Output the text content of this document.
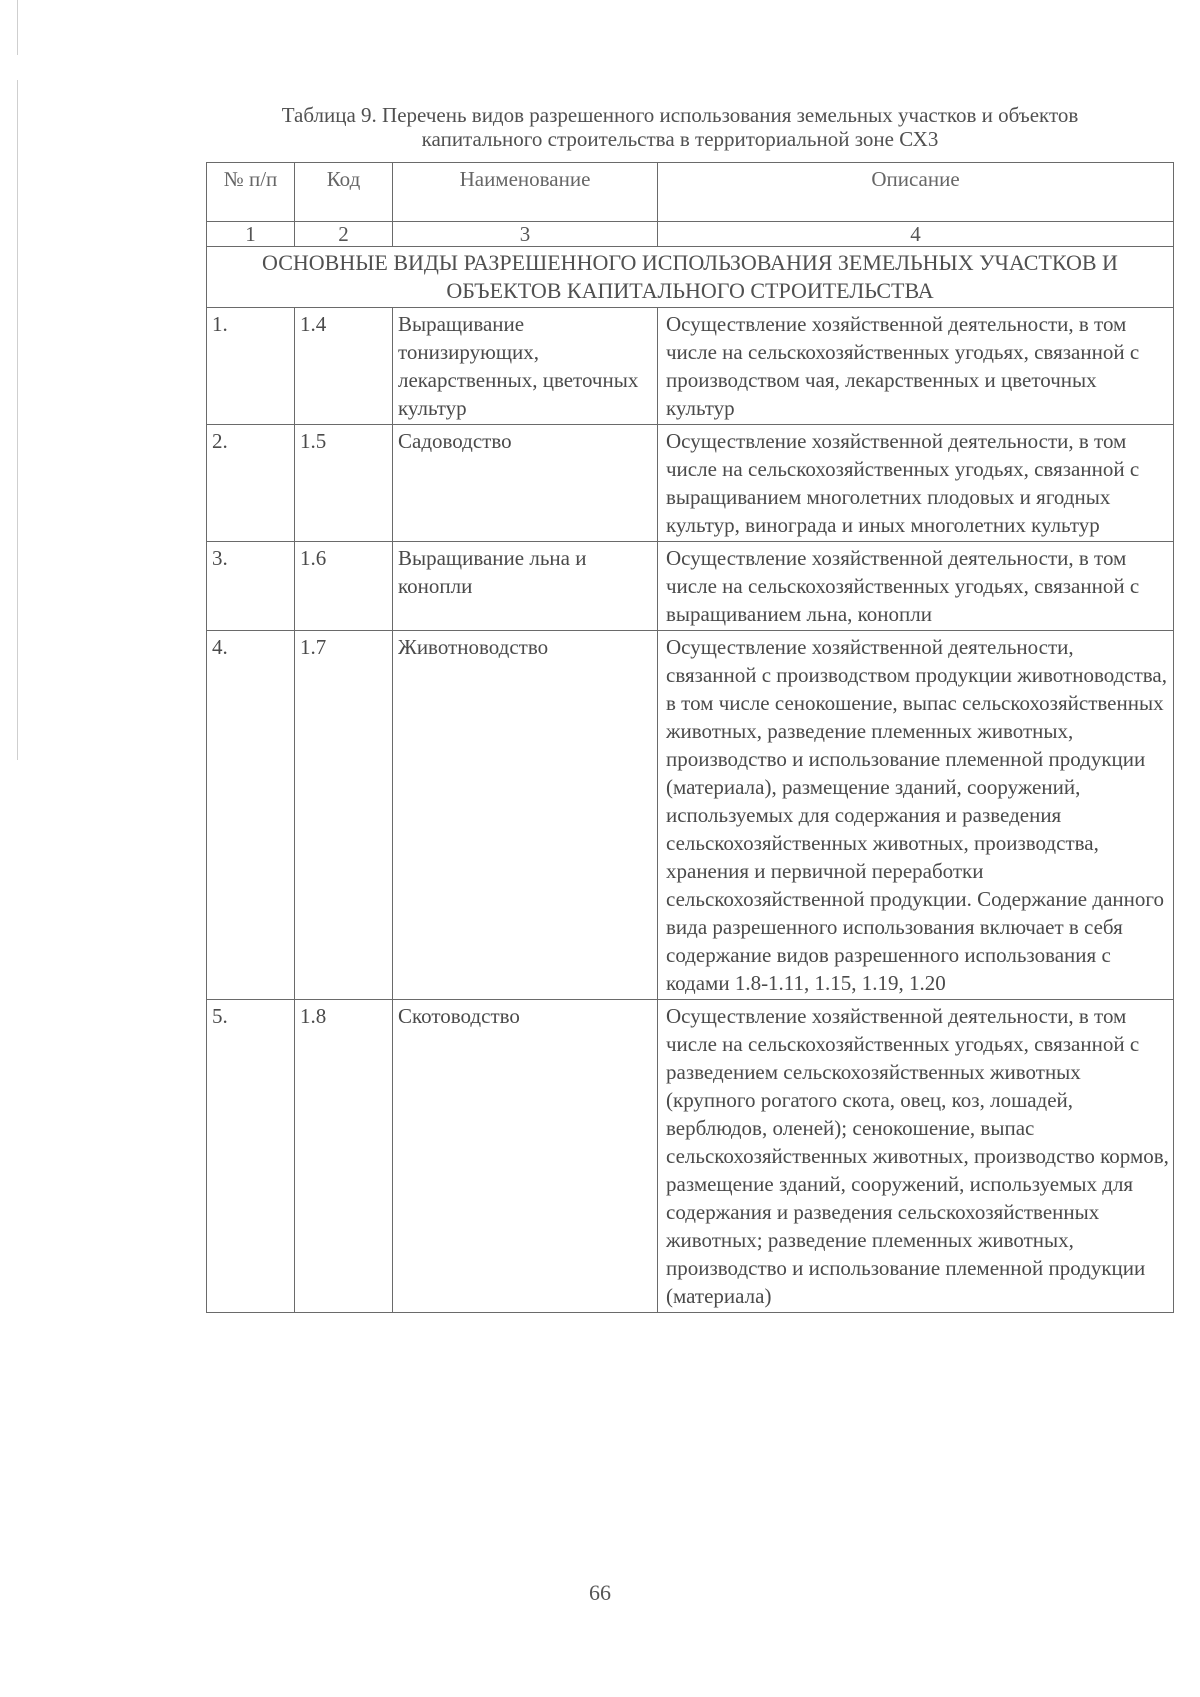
Таблица 9. Перечень видов разрешенного использования земельных участков и объектов
капитального строительства в территориальной зоне СХ3
№ п/п	Код	Наименование	Описание
1	2	3	4
ОСНОВНЫЕ ВИДЫ РАЗРЕШЕННОГО ИСПОЛЬЗОВАНИЯ ЗЕМЕЛЬНЫХ УЧАСТКОВ И ОБЪЕКТОВ КАПИТАЛЬНОГО СТРОИТЕЛЬСТВА			
1.	1.4	Выращивание тонизирующих, лекарственных, цветочных культур	Осуществление хозяйственной деятельности, в том числе на сельскохозяйственных угодьях, связанной с производством чая, лекарственных и цветочных культур
2.	1.5	Садоводство	Осуществление хозяйственной деятельности, в том числе на сельскохозяйственных угодьях, связанной с выращиванием многолетних плодовых и ягодных культур, винограда и иных многолетних культур
3.	1.6	Выращивание льна и конопли	Осуществление хозяйственной деятельности, в том числе на сельскохозяйственных угодьях, связанной с выращиванием льна, конопли
4.	1.7	Животноводство	Осуществление хозяйственной деятельности, связанной с производством продукции животноводства, в том числе сенокошение, выпас сельскохозяйственных животных, разведение племенных животных, производство и использование племенной продукции (материала), размещение зданий, сооружений, используемых для содержания и разведения сельскохозяйственных животных, производства, хранения и первичной переработки сельскохозяйственной продукции. Содержание данного вида разрешенного использования включает в себя содержание видов разрешенного использования с кодами 1.8-1.11, 1.15, 1.19, 1.20
5.	1.8	Скотоводство	Осуществление хозяйственной деятельности, в том числе на сельскохозяйственных угодьях, связанной с разведением сельскохозяйственных животных (крупного рогатого скота, овец, коз, лошадей, верблюдов, оленей); сенокошение, выпас сельскохозяйственных животных, производство кормов, размещение зданий, сооружений, используемых для содержания и разведения сельскохозяйственных животных; разведение племенных животных, производство и использование племенной продукции (материала)
66
